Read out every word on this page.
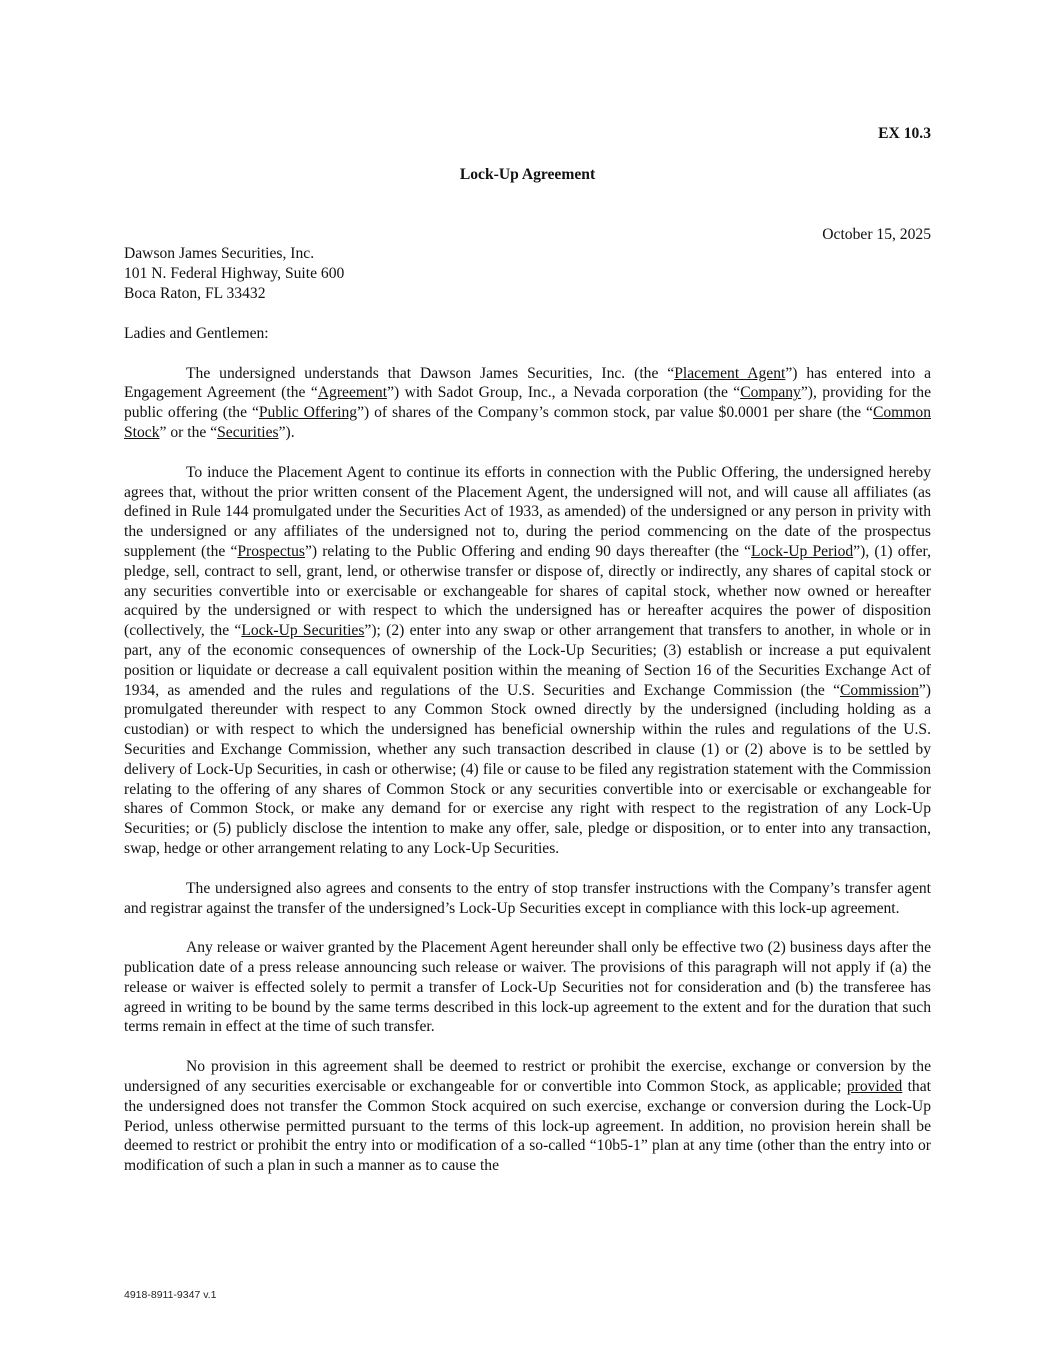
EX 10.3

Lock-Up Agreement

October 15, 2025

Dawson James Securities, Inc.

101 N. Federal Highway, Suite 600

Boca Raton, FL 33432

Ladies and Gentlemen:

The undersigned understands that Dawson James Securities, Inc. (the “Placement Agent”) has entered into a Engagement Agreement (the “Agreement”) with Sadot Group, Inc., a Nevada corporation (the “Company”), providing for the public offering (the “Public Offering”) of shares of the Company’s common stock, par value $0.0001 per share (the “Common Stock” or the “Securities”).

To induce the Placement Agent to continue its efforts in connection with the Public Offering, the undersigned hereby agrees that, without the prior written consent of the Placement Agent, the undersigned will not, and will cause all affiliates (as defined in Rule 144 promulgated under the Securities Act of 1933, as amended) of the undersigned or any person in privity with the undersigned or any affiliates of the undersigned not to, during the period commencing on the date of the prospectus supplement (the “Prospectus”) relating to the Public Offering and ending 90 days thereafter (the “Lock-Up Period”), (1) offer, pledge, sell, contract to sell, grant, lend, or otherwise transfer or dispose of, directly or indirectly, any shares of capital stock or any securities convertible into or exercisable or exchangeable for shares of capital stock, whether now owned or hereafter acquired by the undersigned or with respect to which the undersigned has or hereafter acquires the power of disposition (collectively, the “Lock-Up Securities”); (2) enter into any swap or other arrangement that transfers to another, in whole or in part, any of the economic consequences of ownership of the Lock-Up Securities; (3) establish or increase a put equivalent position or liquidate or decrease a call equivalent position within the meaning of Section 16 of the Securities Exchange Act of 1934, as amended and the rules and regulations of the U.S. Securities and Exchange Commission (the “Commission”) promulgated thereunder with respect to any Common Stock owned directly by the undersigned (including holding as a custodian) or with respect to which the undersigned has beneficial ownership within the rules and regulations of the U.S. Securities and Exchange Commission, whether any such transaction described in clause (1) or (2) above is to be settled by delivery of Lock-Up Securities, in cash or otherwise; (4) file or cause to be filed any registration statement with the Commission relating to the offering of any shares of Common Stock or any securities convertible into or exercisable or exchangeable for shares of Common Stock, or make any demand for or exercise any right with respect to the registration of any Lock-Up Securities; or (5) publicly disclose the intention to make any offer, sale, pledge or disposition, or to enter into any transaction, swap, hedge or other arrangement relating to any Lock-Up Securities.

The undersigned also agrees and consents to the entry of stop transfer instructions with the Company’s transfer agent and registrar against the transfer of the undersigned’s Lock-Up Securities except in compliance with this lock-up agreement.

Any release or waiver granted by the Placement Agent hereunder shall only be effective two (2) business days after the publication date of a press release announcing such release or waiver. The provisions of this paragraph will not apply if (a) the release or waiver is effected solely to permit a transfer of Lock-Up Securities not for consideration and (b) the transferee has agreed in writing to be bound by the same terms described in this lock-up agreement to the extent and for the duration that such terms remain in effect at the time of such transfer.

No provision in this agreement shall be deemed to restrict or prohibit the exercise, exchange or conversion by the undersigned of any securities exercisable or exchangeable for or convertible into Common Stock, as applicable; provided that the undersigned does not transfer the Common Stock acquired on such exercise, exchange or conversion during the Lock-Up Period, unless otherwise permitted pursuant to the terms of this lock-up agreement. In addition, no provision herein shall be deemed to restrict or prohibit the entry into or modification of a so-called “10b5-1” plan at any time (other than the entry into or modification of such a plan in such a manner as to cause the

4918-8911-9347 v.1
